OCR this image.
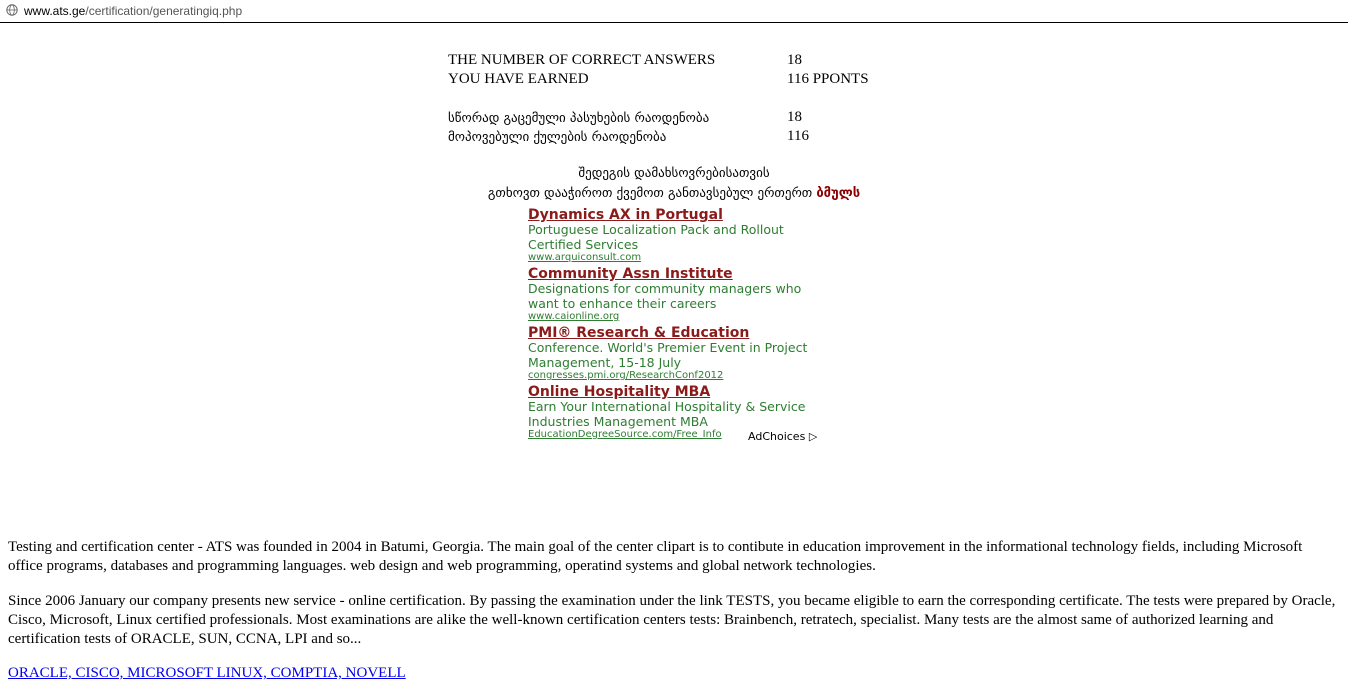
www.ats.ge/certification/generatingiq.php
THE NUMBER OF CORRECT ANSWERS	18
YOU HAVE EARNED	116 PPONTS
სწორად გაცემული პასუხების რაოდენობა	18
მოპოვებული ქულების რაოდენობა	116
შედეგის დამახსოვრებისათვის
გთხოვთ დააჭიროთ ქვემოთ განთავსებულ ერთერთ ბმულს
Dynamics AX in Portugal
Portuguese Localization Pack and Rollout Certified Services
www.arquiconsult.com
Community Assn Institute
Designations for community managers who want to enhance their careers
www.caionline.org
PMI® Research & Education
Conference. World's Premier Event in Project Management, 15-18 July
congresses.pmi.org/ResearchConf2012
Online Hospitality MBA
Earn Your International Hospitality & Service Industries Management MBA
EducationDegreeSource.com/Free_Info	AdChoices ▷
Testing and certification center - ATS was founded in 2004 in Batumi, Georgia. The main goal of the center clipart is to contibute in education improvement in the informational technology fields, including Microsoft office programs, databases and programming languages. web design and web programming, operatind systems and global network technologies.
Since 2006 January our company presents new service - online certification. By passing the examination under the link TESTS, you became eligible to earn the corresponding certificate. The tests were prepared by Oracle, Cisco, Microsoft, Linux certified professionals. Most examinations are alike the well-known certification centers tests: Brainbench, retratech, specialist. Many tests are the almost same of authorized learning and certification tests of ORACLE, SUN, CCNA, LPI and so...
ORACLE, CISCO, MICROSOFT LINUX, COMPTIA, NOVELL
